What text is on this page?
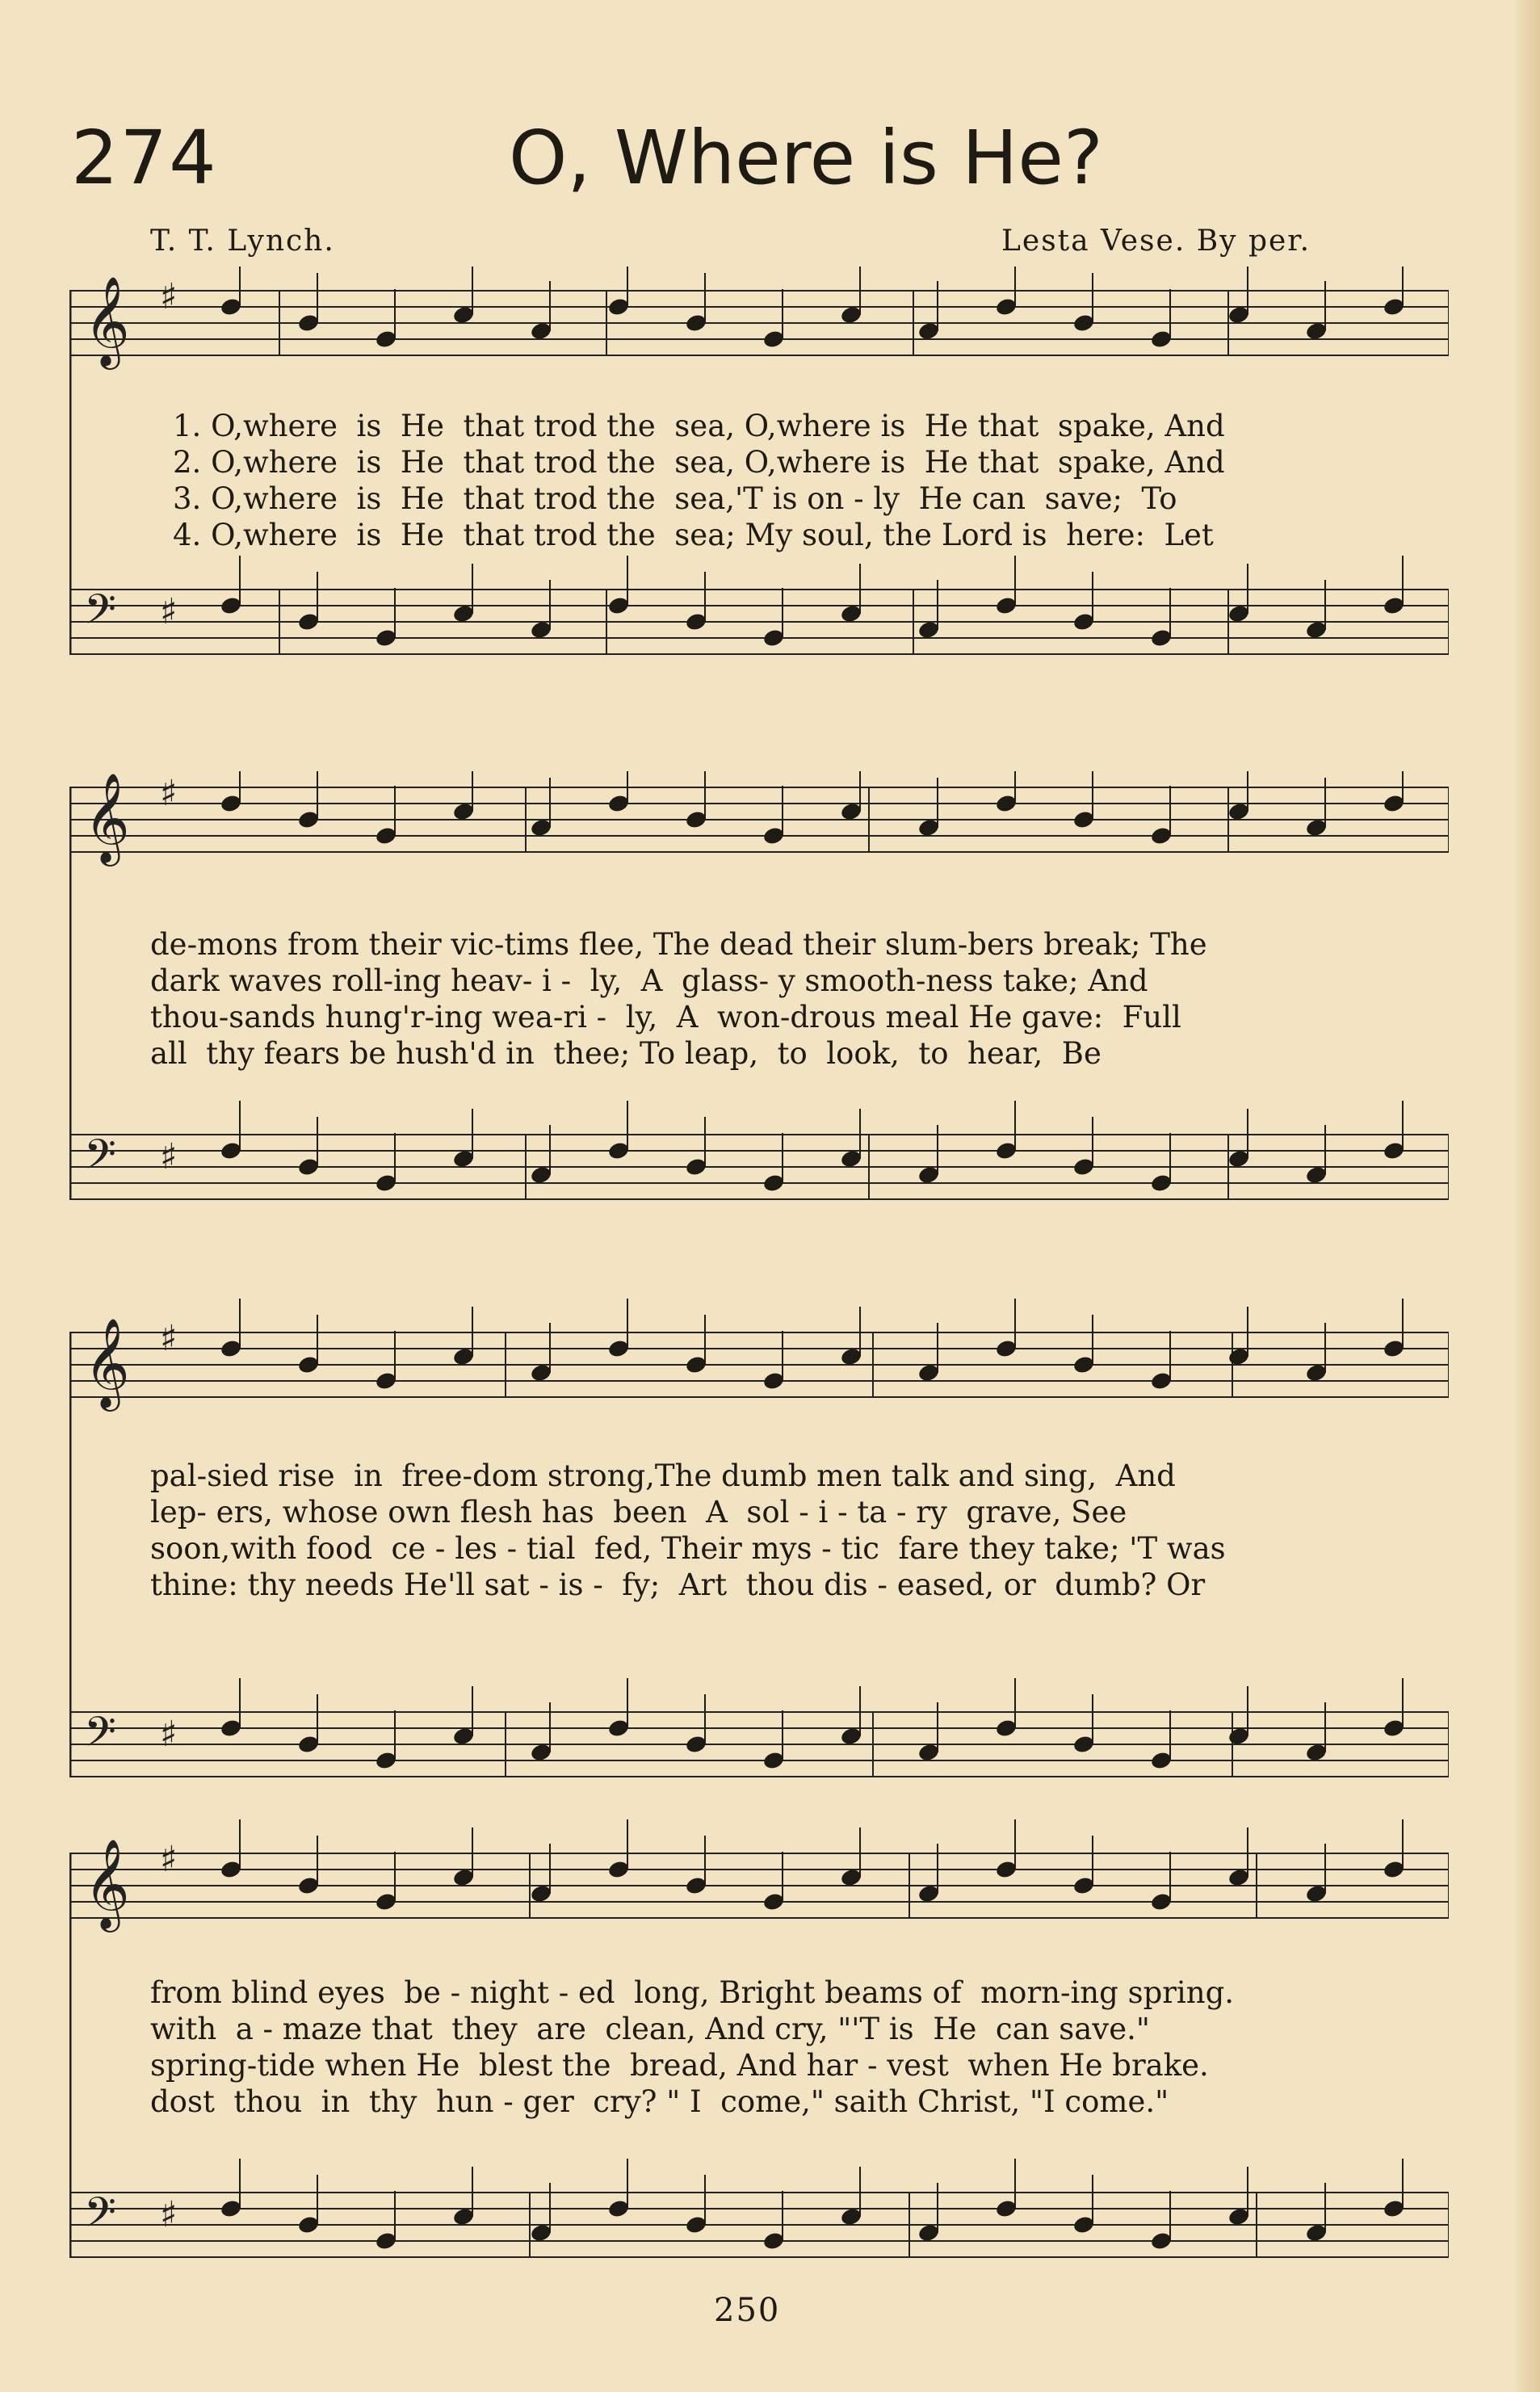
274	O, Where is He?
T. T. Lynch.	Lesta Vese. By per.
𝄞 ♯
𝄢 ♯
1. O,where  is  He  that trod the  sea, O,where is  He that  spake, And
2. O,where  is  He  that trod the  sea, O,where is  He that  spake, And
3. O,where  is  He  that trod the  sea,'T is on - ly  He can  save;  To
4. O,where  is  He  that trod the  sea; My soul, the Lord is  here:  Let
𝄞 ♯
𝄢 ♯
de-mons from their vic-tims flee, The dead their slum-bers break; The
dark waves roll-ing heav- i -  ly,  A  glass- y smooth-ness take; And
thou-sands hung'r-ing wea-ri -  ly,  A  won-drous meal He gave:  Full
all  thy fears be hush'd in  thee; To leap,  to  look,  to  hear,  Be
𝄞 ♯
𝄢 ♯
pal-sied rise  in  free-dom strong,The dumb men talk and sing,  And
lep- ers, whose own flesh has  been  A  sol - i - ta - ry  grave, See
soon,with food  ce - les - tial  fed, Their mys - tic  fare they take; 'T was
thine: thy needs He'll sat - is -  fy;  Art  thou dis - eased, or  dumb? Or
𝄞 ♯
𝄢 ♯
from blind eyes  be - night - ed  long, Bright beams of  morn-ing spring.
with  a - maze that  they  are  clean, And cry, "'T is  He  can save."
spring-tide when He  blest the  bread, And har - vest  when He brake.
dost  thou  in  thy  hun - ger  cry? " I  come," saith Christ, "I come."
250
